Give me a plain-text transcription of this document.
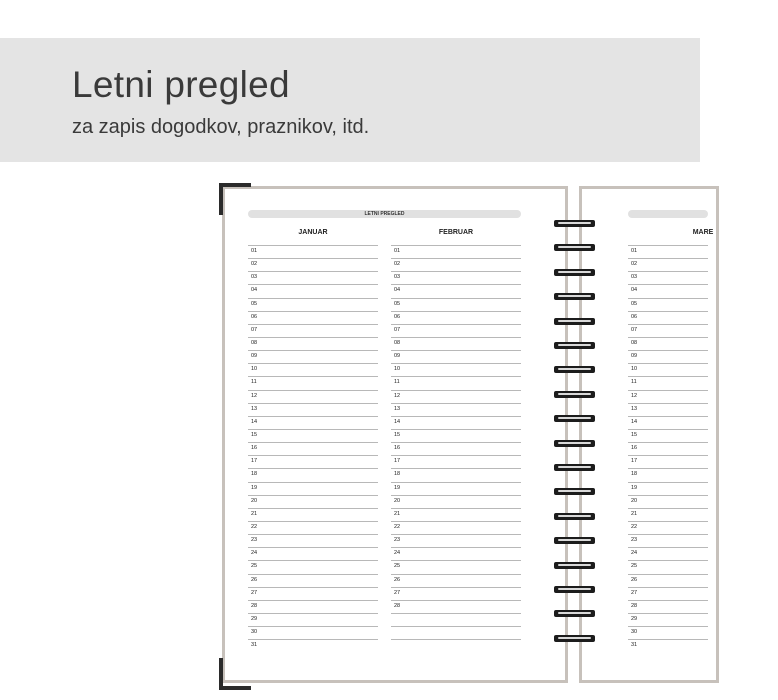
Letni pregled
za zapis dogodkov, praznikov, itd.
LETNI PREGLED
JANUAR	FEBRUAR	MARE
01
02
03
04
05
06
07
08
09
10
11
12
13
14
15
16
17
18
19
20
21
22
23
24
25
26
27
28
29
30
31
01
02
03
04
05
06
07
08
09
10
11
12
13
14
15
16
17
18
19
20
21
22
23
24
25
26
27
28
01
02
03
04
05
06
07
08
09
10
11
12
13
14
15
16
17
18
19
20
21
22
23
24
25
26
27
28
29
30
31
